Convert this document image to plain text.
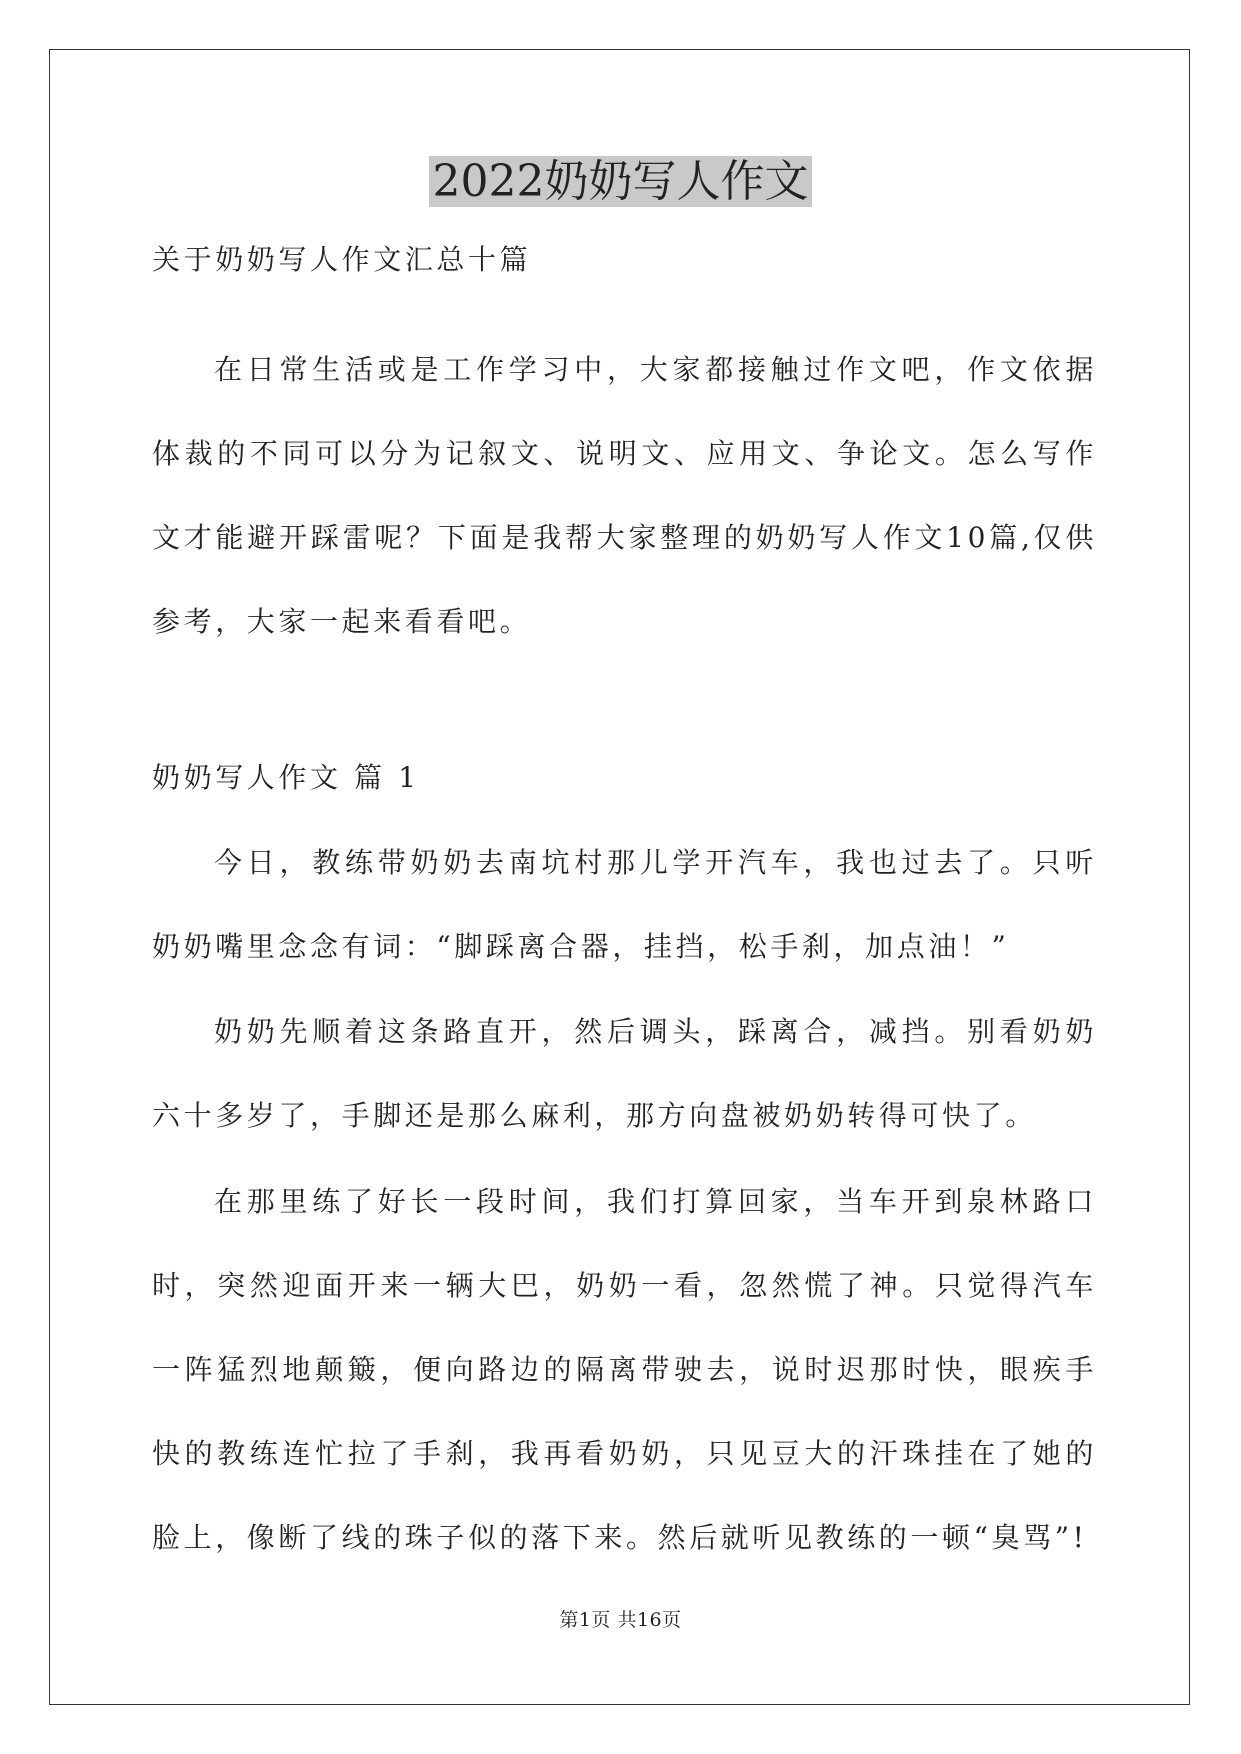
2022奶奶写人作文

关于奶奶写人作文汇总十篇

在日常生活或是工作学习中，大家都接触过作文吧，作文依据体裁的不同可以分为记叙文、说明文、应用文、争论文。怎么写作文才能避开踩雷呢？下面是我帮大家整理的奶奶写人作文10篇,仅供参考，大家一起来看看吧。

奶奶写人作文 篇 1

今日，教练带奶奶去南坑村那儿学开汽车，我也过去了。只听奶奶嘴里念念有词：“脚踩离合器，挂挡，松手刹，加点油！”

奶奶先顺着这条路直开，然后调头，踩离合，减挡。别看奶奶六十多岁了，手脚还是那么麻利，那方向盘被奶奶转得可快了。

在那里练了好长一段时间，我们打算回家，当车开到泉林路口时，突然迎面开来一辆大巴，奶奶一看，忽然慌了神。只觉得汽车一阵猛烈地颠簸，便向路边的隔离带驶去，说时迟那时快，眼疾手快的教练连忙拉了手刹，我再看奶奶，只见豆大的汗珠挂在了她的脸上，像断了线的珠子似的落下来。然后就听见教练的一顿“臭骂”!

第1页 共16页
